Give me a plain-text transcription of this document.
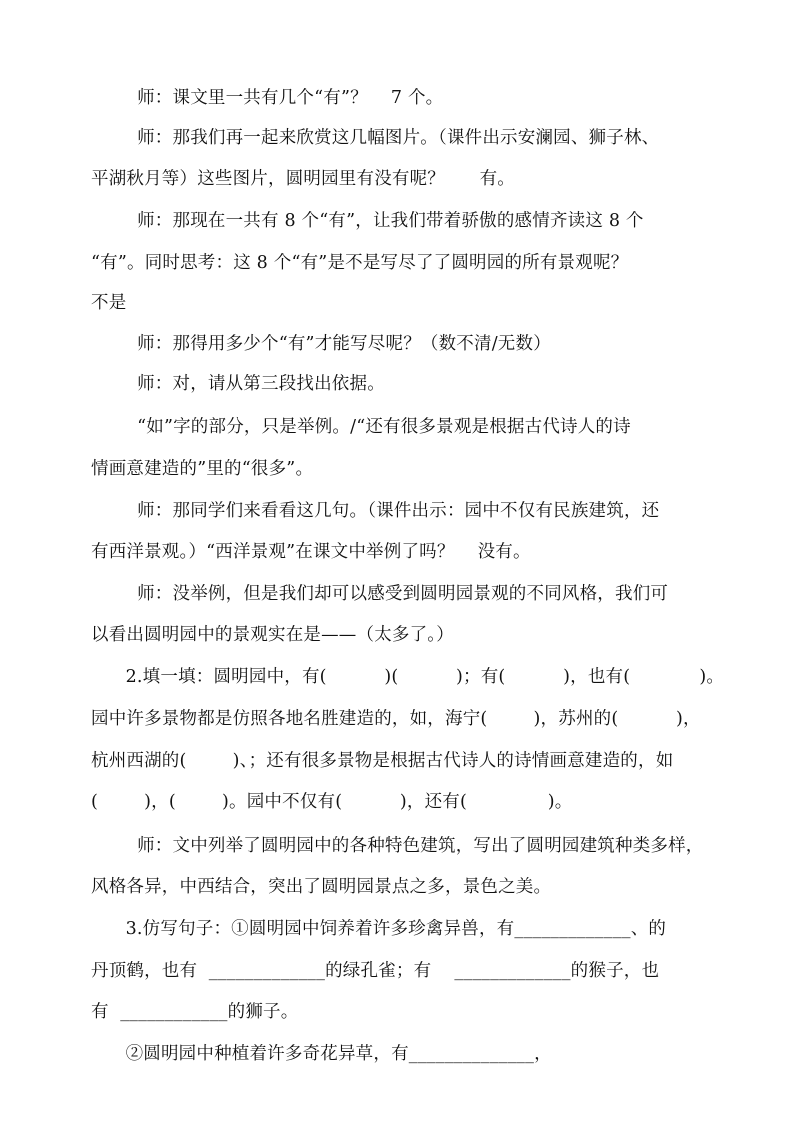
师：课文里一共有几个“有”？    7 个。
师：那我们再一起来欣赏这几幅图片。（课件出示安澜园、狮子林、
平湖秋月等）这些图片，圆明园里有没有呢？      有。
师：那现在一共有 8 个“有”，让我们带着骄傲的感情齐读这 8 个
“有”。同时思考：这 8 个“有”是不是写尽了了圆明园的所有景观呢？
不是
师：那得用多少个“有”才能写尽呢？（数不清/无数）
师：对，请从第三段找出依据。
“如”字的部分，只是举例。/“还有很多景观是根据古代诗人的诗
情画意建造的”里的“很多”。
师：那同学们来看看这几句。（课件出示：园中不仅有民族建筑，还
有西洋景观。）“西洋景观”在课文中举例了吗？    没有。
师：没举例，但是我们却可以感受到圆明园景观的不同风格，我们可
以看出圆明园中的景观实在是——（太多了。）
2.填一填：圆明园中，有(          )(          )；有(          )，也有(            )。
园中许多景物都是仿照各地名胜建造的，如，海宁(        )，苏州的(          )，
杭州西湖的(        )、；还有很多景物是根据古代诗人的诗情画意建造的，如
(        )，(        )。园中不仅有(          )，还有(              )。
师：文中列举了圆明园中的各种特色建筑，写出了圆明园建筑种类多样，
风格各异，中西结合，突出了圆明园景点之多，景色之美。
3.仿写句子：①圆明园中饲养着许多珍禽异兽，有_____________、的
丹顶鹤，也有  _____________的绿孔雀；有    _____________的猴子，也
有  ____________的狮子。
②圆明园中种植着许多奇花异草，有______________，
